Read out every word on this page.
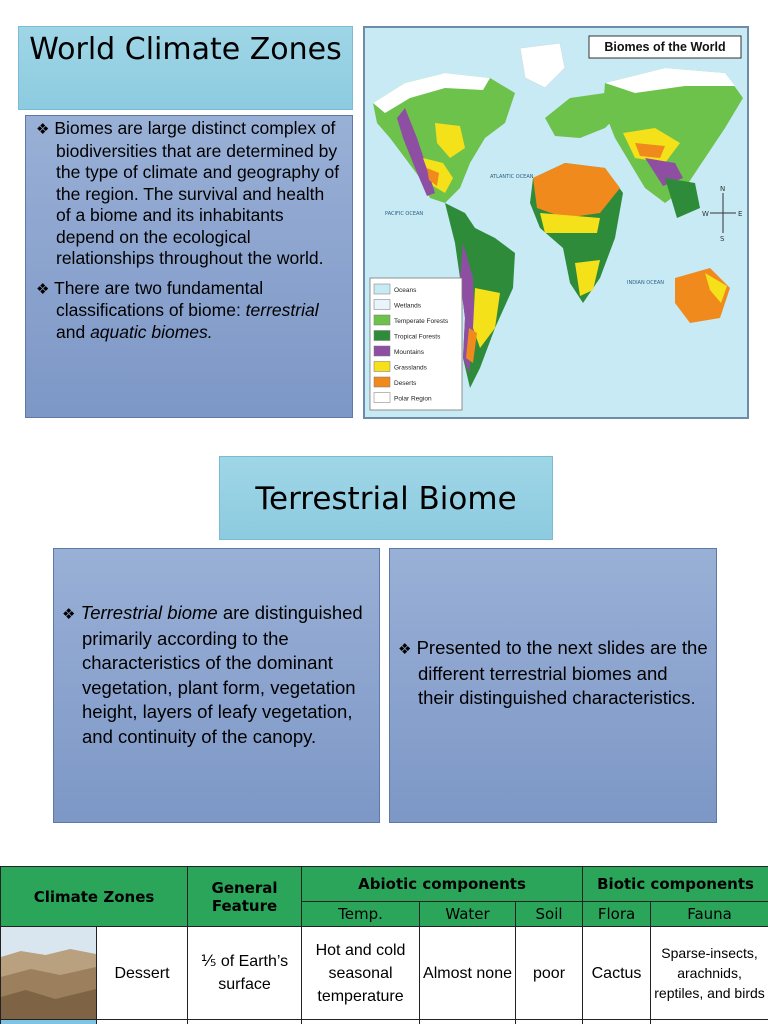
World Climate Zones

❖ Biomes are large distinct complex of biodiversities that are determined by the type of climate and geography of the region. The survival and health of a biome and its inhabitants depend on the ecological relationships throughout the world.

❖ There are two fundamental classifications of biome: terrestrial and aquatic biomes.

N
S
E
W
PACIFIC OCEAN
ATLANTIC OCEAN
INDIAN OCEAN
Biomes of the World
Oceans
Wetlands
Temperate Forests
Tropical Forests
Mountains
Grasslands
Deserts
Polar Region
Terrestrial Biome

❖ Terrestrial biome are distinguished primarily according to the characteristics of the dominant vegetation, plant form, vegetation height, layers of leafy vegetation, and continuity of the canopy.

❖ Presented to the next slides are the different terrestrial biomes and their distinguished characteristics.

Climate Zones		General Feature	Abiotic components			Biotic components	
			Temp.	Water	Soil	Flora	Fauna

	Dessert	⅕ of Earth’s surface	Hot and cold seasonal temperature	Almost none	poor	Cactus	Sparse-insects, arachnids, reptiles, and birds
